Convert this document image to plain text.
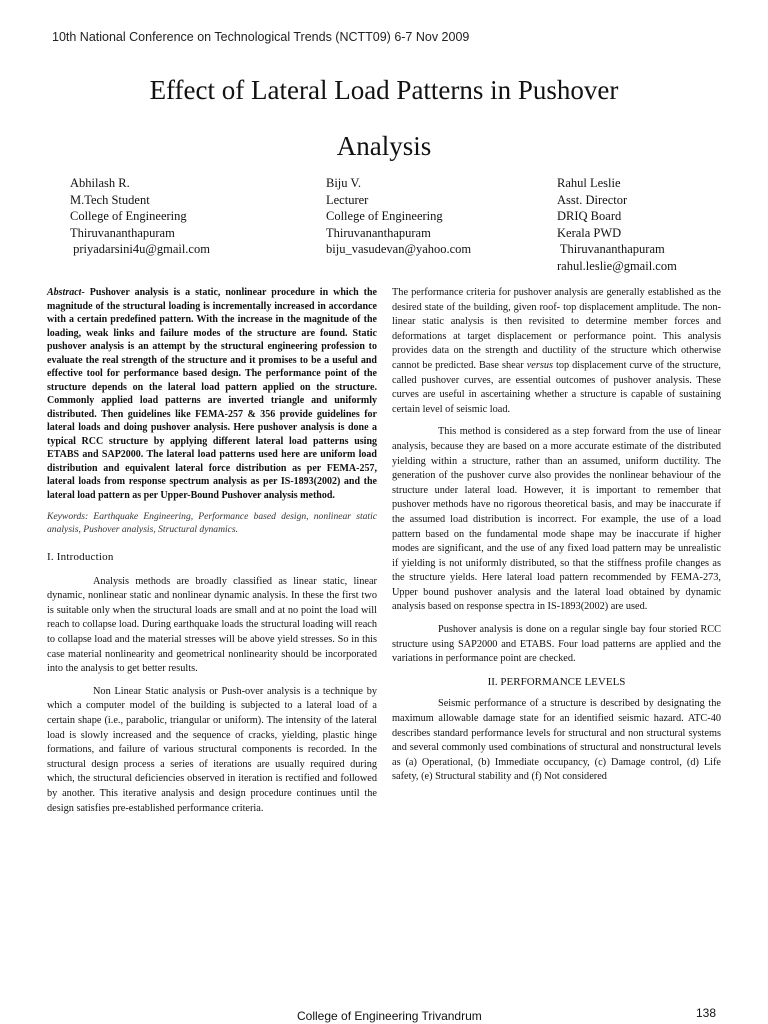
10th National Conference on Technological Trends (NCTT09) 6-7 Nov 2009
Effect of Lateral Load Patterns in Pushover
Analysis
Abhilash R.
M.Tech Student
College of Engineering
Thiruvananthapuram
priyadarsini4u@gmail.com
Biju V.
Lecturer
College of Engineering
Thiruvananthapuram
biju_vasudevan@yahoo.com
Rahul Leslie
Asst. Director
DRIQ Board
Kerala PWD
Thiruvananthapuram
rahul.leslie@gmail.com

Abstract- Pushover analysis is a static, nonlinear procedure in which the magnitude of the structural loading is incrementally increased in accordance with a certain predefined pattern. With the increase in the magnitude of the loading, weak links and failure modes of the structure are found. Static pushover analysis is an attempt by the structural engineering profession to evaluate the real strength of the structure and it promises to be a useful and effective tool for performance based design. The performance point of the structure depends on the lateral load pattern applied on the structure. Commonly applied load patterns are inverted triangle and uniformly distributed. Then guidelines like FEMA-257 & 356 provide guidelines for lateral loads and doing pushover analysis. Here pushover analysis is done a typical RCC structure by applying different lateral load patterns using ETABS and SAP2000. The lateral load patterns used here are uniform load distribution and equivalent lateral force distribution as per FEMA-257, lateral loads from response spectrum analysis as per IS-1893(2002) and the lateral load pattern as per Upper-Bound Pushover analysis method.

Keywords: Earthquake Engineering, Performance based design, nonlinear static analysis, Pushover analysis, Structural dynamics.

I. Introduction

Analysis methods are broadly classified as linear static, linear dynamic, nonlinear static and nonlinear dynamic analysis. In these the first two is suitable only when the structural loads are small and at no point the load will reach to collapse load. During earthquake loads the structural loading will reach to collapse load and the material stresses will be above yield stresses. So in this case material nonlinearity and geometrical nonlinearity should be incorporated into the analysis to get better results.

Non Linear Static analysis or Push-over analysis is a technique by which a computer model of the building is subjected to a lateral load of a certain shape (i.e., parabolic, triangular or uniform). The intensity of the lateral load is slowly increased and the sequence of cracks, yielding, plastic hinge formations, and failure of various structural components is recorded. In the structural design process a series of iterations are usually required during which, the structural deficiencies observed in iteration is rectified and followed by another. This iterative analysis and design procedure continues until the design satisfies pre-established performance criteria.

The performance criteria for pushover analysis are generally established as the desired state of the building, given roof- top displacement amplitude. The non-linear static analysis is then revisited to determine member forces and deformations at target displacement or performance point. This analysis provides data on the strength and ductility of the structure which otherwise cannot be predicted. Base shear versus top displacement curve of the structure, called pushover curves, are essential outcomes of pushover analysis. These curves are useful in ascertaining whether a structure is capable of sustaining certain level of seismic load.

This method is considered as a step forward from the use of linear analysis, because they are based on a more accurate estimate of the distributed yielding within a structure, rather than an assumed, uniform ductility. The generation of the pushover curve also provides the nonlinear behaviour of the structure under lateral load. However, it is important to remember that pushover methods have no rigorous theoretical basis, and may be inaccurate if the assumed load distribution is incorrect. For example, the use of a load pattern based on the fundamental mode shape may be inaccurate if higher modes are significant, and the use of any fixed load pattern may be unrealistic if yielding is not uniformly distributed, so that the stiffness profile changes as the structure yields. Here lateral load pattern recommended by FEMA-273, Upper bound pushover analysis and the lateral load obtained by dynamic analysis based on response spectra in IS-1893(2002) are used.

Pushover analysis is done on a regular single bay four storied RCC structure using SAP2000 and ETABS. Four load patterns are applied and the variations in performance point are checked.

II. PERFORMANCE LEVELS

Seismic performance of a structure is described by designating the maximum allowable damage state for an identified seismic hazard. ATC-40 describes standard performance levels for structural and non structural systems and several commonly used combinations of structural and nonstructural levels as (a) Operational, (b) Immediate occupancy, (c) Damage control, (d) Life safety, (e) Structural stability and (f) Not considered

College of Engineering Trivandrum	138
